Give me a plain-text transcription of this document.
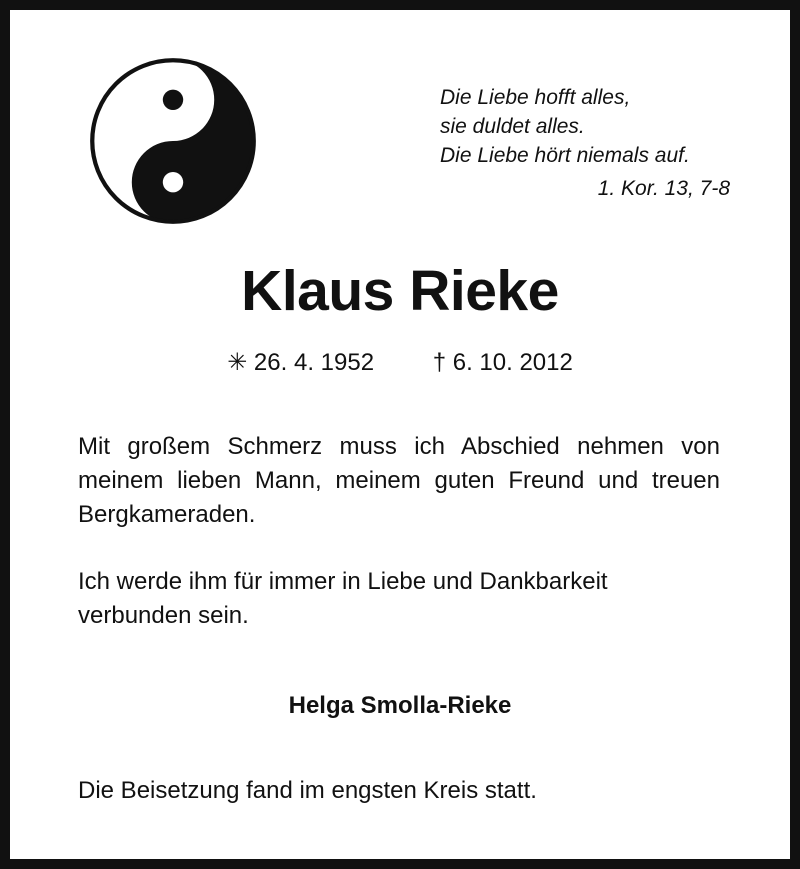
Die Liebe hofft alles,
sie duldet alles.
Die Liebe hört niemals auf.
1. Kor. 13, 7-8
Klaus Rieke
✳ 26. 4. 1952 † 6. 10. 2012

Mit großem Schmerz muss ich Abschied nehmen von meinem lieben Mann, meinem guten Freund und treuen Bergkameraden.

Ich werde ihm für immer in Liebe und Dankbarkeit verbunden sein.

Helga Smolla-Rieke

Die Beisetzung fand im engsten Kreis statt.
